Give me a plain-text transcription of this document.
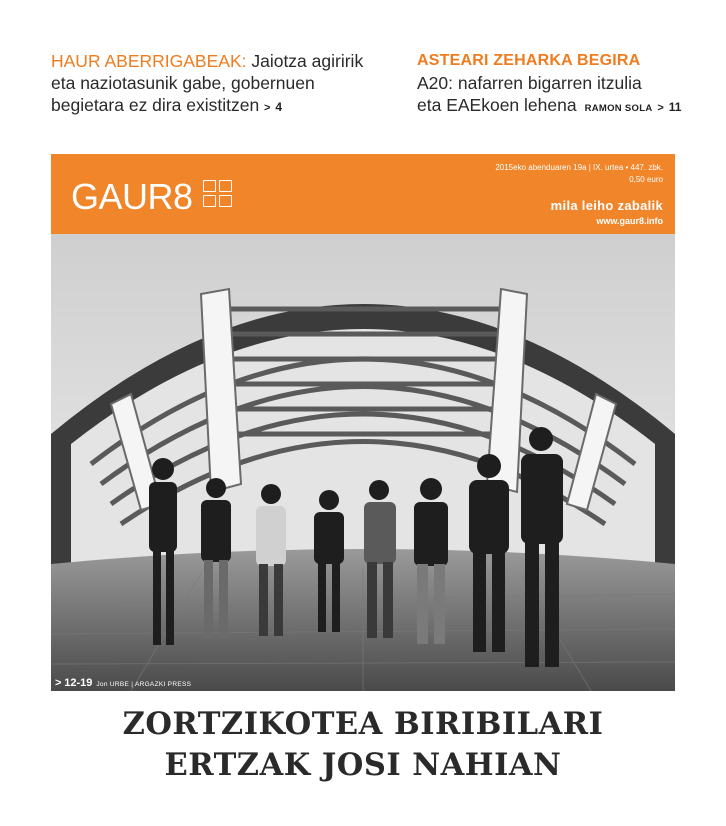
HAUR ABERRIGABEAK: Jaiotza agiririk
eta naziotasunik gabe, gobernuen
begietara ez dira existitzen > 4
ASTEARI ZEHARKA BEGIRA
A20: nafarren bigarren itzulia
eta EAEkoen lehena RAMON SOLA > 11
GAUR8
2015eko abenduaren 19a | IX. urtea • 447. zbk.
0,50 euro
mila leiho zabalik
www.gaur8.info
> 12-19 Jon URBE | ARGAZKI PRESS
ZORTZIKOTEA BIRIBILARI
ERTZAK JOSI NAHIAN
